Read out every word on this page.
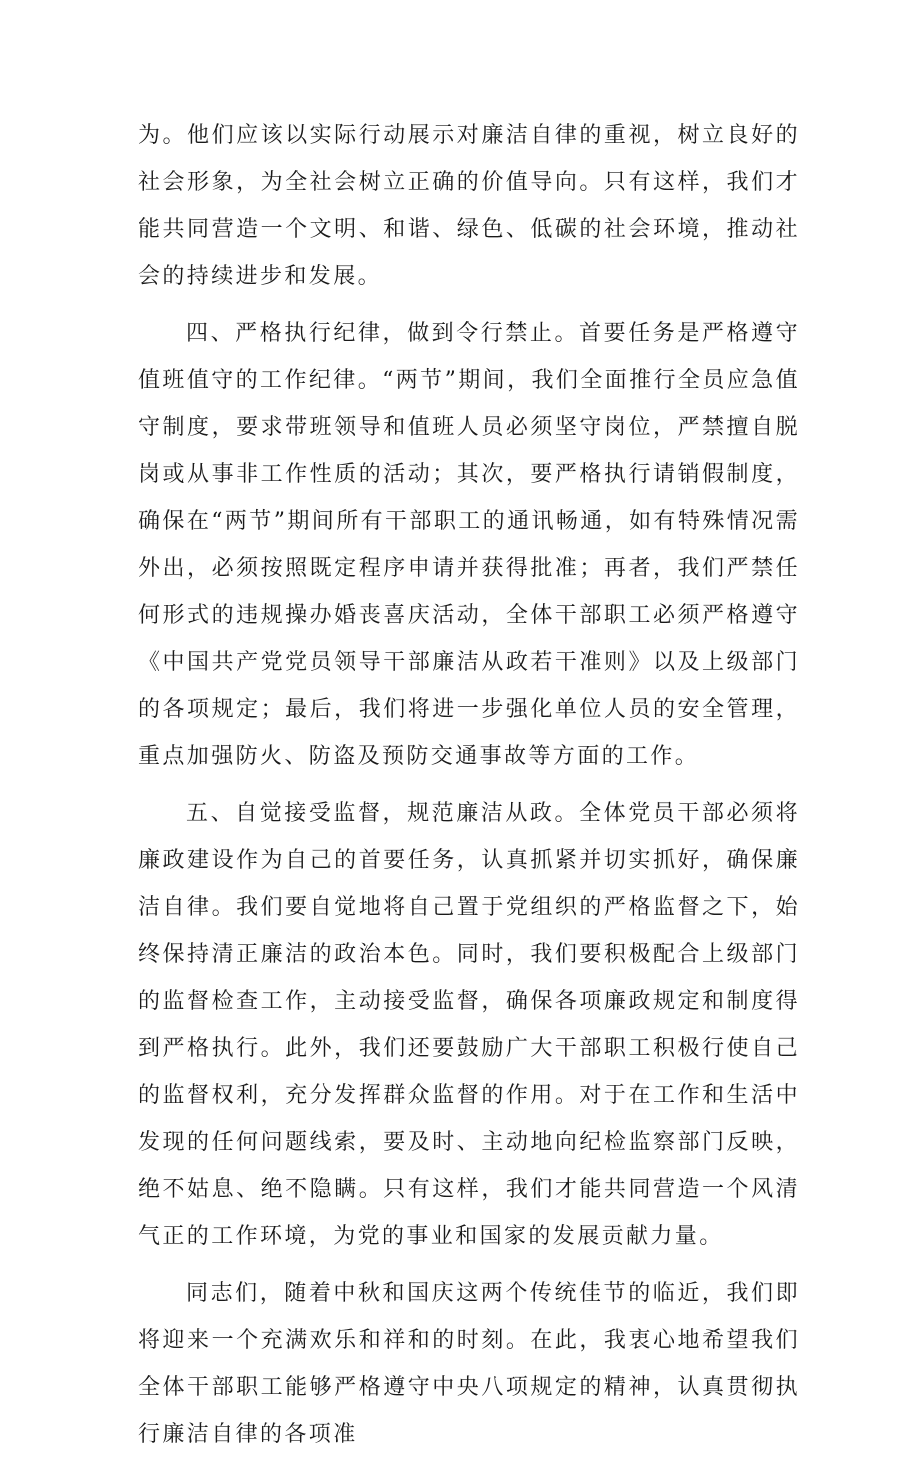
为。他们应该以实际行动展示对廉洁自律的重视，树立良好的社会形象，为全社会树立正确的价值导向。只有这样，我们才能共同营造一个文明、和谐、绿色、低碳的社会环境，推动社会的持续进步和发展。

四、严格执行纪律，做到令行禁止。首要任务是严格遵守值班值守的工作纪律。“两节”期间，我们全面推行全员应急值守制度，要求带班领导和值班人员必须坚守岗位，严禁擅自脱岗或从事非工作性质的活动；其次，要严格执行请销假制度，确保在“两节”期间所有干部职工的通讯畅通，如有特殊情况需外出，必须按照既定程序申请并获得批准；再者，我们严禁任何形式的违规操办婚丧喜庆活动，全体干部职工必须严格遵守《中国共产党党员领导干部廉洁从政若干准则》以及上级部门的各项规定；最后，我们将进一步强化单位人员的安全管理，重点加强防火、防盗及预防交通事故等方面的工作。

五、自觉接受监督，规范廉洁从政。全体党员干部必须将廉政建设作为自己的首要任务，认真抓紧并切实抓好，确保廉洁自律。我们要自觉地将自己置于党组织的严格监督之下，始终保持清正廉洁的政治本色。同时，我们要积极配合上级部门的监督检查工作，主动接受监督，确保各项廉政规定和制度得到严格执行。此外，我们还要鼓励广大干部职工积极行使自己的监督权利，充分发挥群众监督的作用。对于在工作和生活中发现的任何问题线索，要及时、主动地向纪检监察部门反映，绝不姑息、绝不隐瞒。只有这样，我们才能共同营造一个风清气正的工作环境，为党的事业和国家的发展贡献力量。

同志们，随着中秋和国庆这两个传统佳节的临近，我们即将迎来一个充满欢乐和祥和的时刻。在此，我衷心地希望我们全体干部职工能够严格遵守中央八项规定的精神，认真贯彻执行廉洁自律的各项准
